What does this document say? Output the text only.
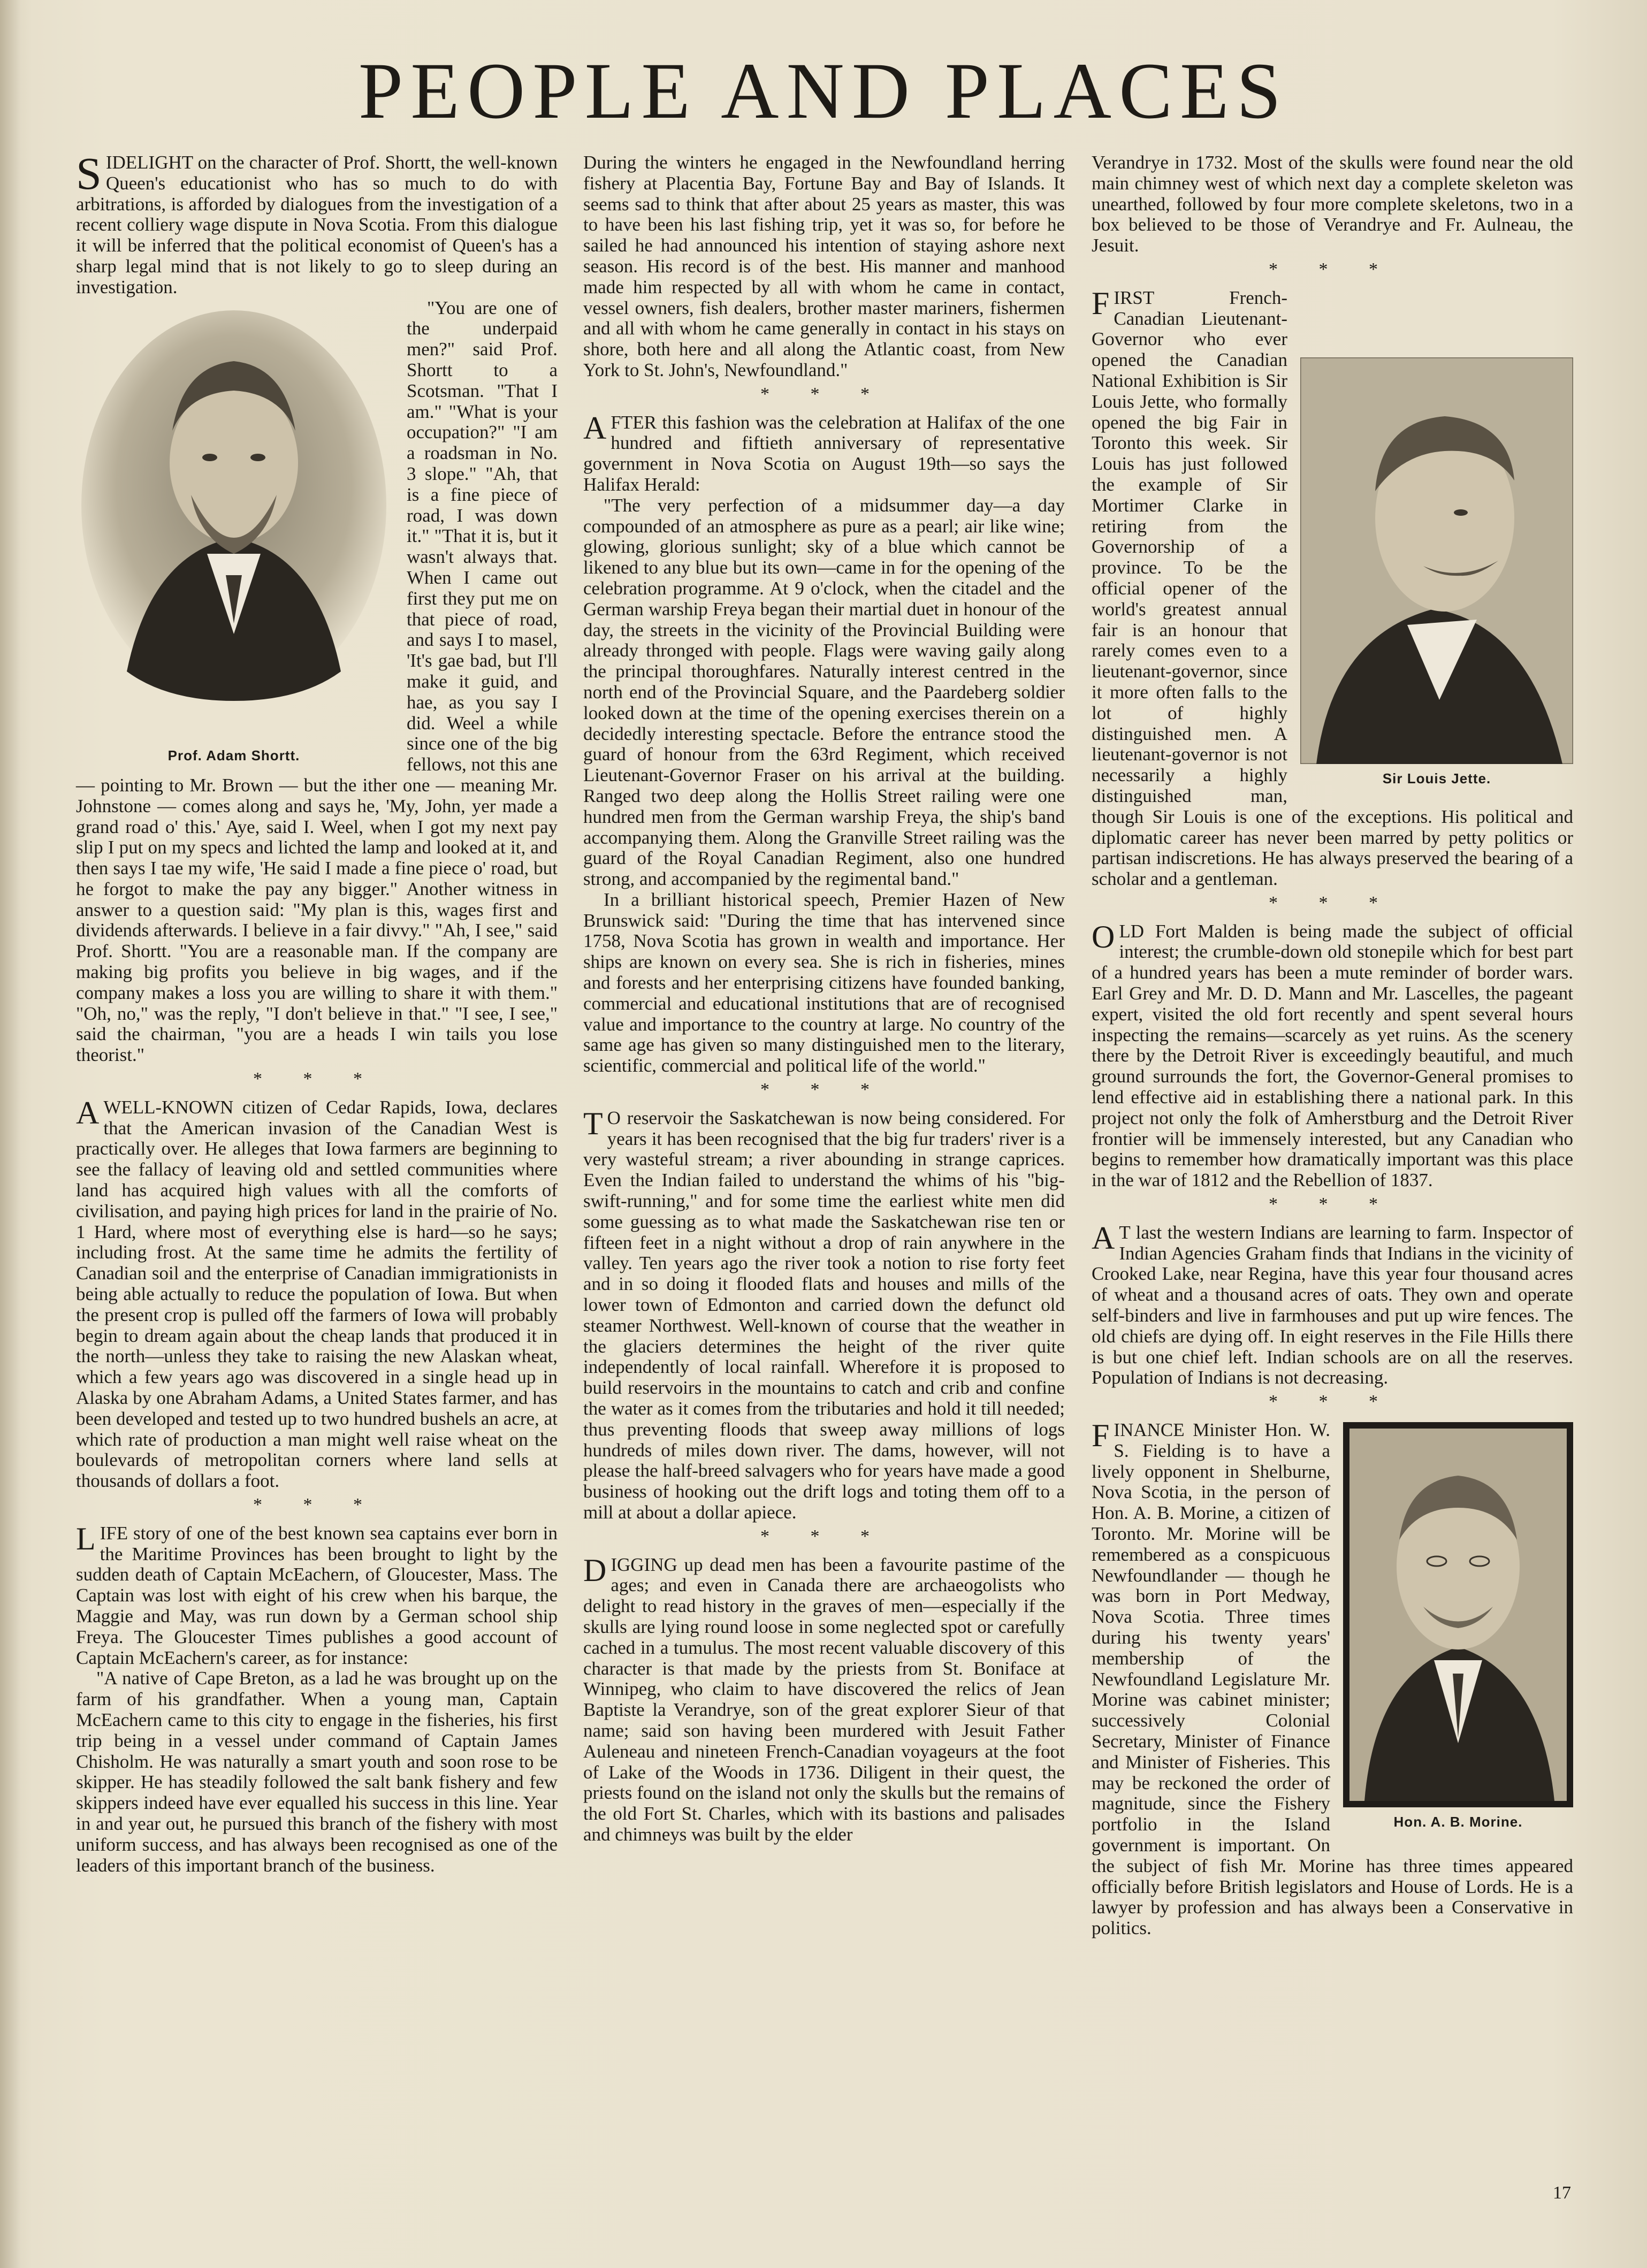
PEOPLE AND PLACES

SIDELIGHT on the character of Prof. Shortt, the well-known Queen's educationist who has so much to do with arbitrations, is afforded by dialogues from the investigation of a recent colliery wage dispute in Nova Scotia. From this dialogue it will be inferred that the political economist of Queen's has a sharp legal mind that is not likely to go to sleep during an investigation.

Prof. Adam Shortt.

"You are one of the underpaid men?" said Prof. Shortt to a Scotsman. "That I am." "What is your occupation?" "I am a roadsman in No. 3 slope." "Ah, that is a fine piece of road, I was down it." "That it is, but it wasn't always that. When I came out first they put me on that piece of road, and says I to masel, 'It's gae bad, but I'll make it guid, and hae, as you say I did. Weel a while since one of the big fellows, not this ane — pointing to Mr. Brown — but the ither one — meaning Mr. Johnstone — comes along and says he, 'My, John, yer made a grand road o' this.' Aye, said I. Weel, when I got my next pay slip I put on my specs and lichted the lamp and looked at it, and then says I tae my wife, 'He said I made a fine piece o' road, but he forgot to make the pay any bigger." Another witness in answer to a question said: "My plan is this, wages first and dividends afterwards. I believe in a fair divvy." "Ah, I see," said Prof. Shortt. "You are a reasonable man. If the company are making big profits you believe in big wages, and if the company makes a loss you are willing to share it with them." "Oh, no," was the reply, "I don't believe in that." "I see, I see," said the chairman, "you are a heads I win tails you lose theorist."

* * *

A WELL-KNOWN citizen of Cedar Rapids, Iowa, declares that the American invasion of the Canadian West is practically over. He alleges that Iowa farmers are beginning to see the fallacy of leaving old and settled communities where land has acquired high values with all the comforts of civilisation, and paying high prices for land in the prairie of No. 1 Hard, where most of everything else is hard—so he says; including frost. At the same time he admits the fertility of Canadian soil and the enterprise of Canadian immigrationists in being able actually to reduce the population of Iowa. But when the present crop is pulled off the farmers of Iowa will probably begin to dream again about the cheap lands that produced it in the north—unless they take to raising the new Alaskan wheat, which a few years ago was discovered in a single head up in Alaska by one Abraham Adams, a United States farmer, and has been developed and tested up to two hundred bushels an acre, at which rate of production a man might well raise wheat on the boulevards of metropolitan corners where land sells at thousands of dollars a foot.

* * *

LIFE story of one of the best known sea captains ever born in the Maritime Provinces has been brought to light by the sudden death of Captain McEachern, of Gloucester, Mass. The Captain was lost with eight of his crew when his barque, the Maggie and May, was run down by a German school ship Freya. The Gloucester Times publishes a good account of Captain McEachern's career, as for instance:

"A native of Cape Breton, as a lad he was brought up on the farm of his grandfather. When a young man, Captain McEachern came to this city to engage in the fisheries, his first trip being in a vessel under command of Captain James Chisholm. He was naturally a smart youth and soon rose to be skipper. He has steadily followed the salt bank fishery and few skippers indeed have ever equalled his success in this line. Year in and year out, he pursued this branch of the fishery with most uniform success, and has always been recognised as one of the leaders of this important branch of the business.

During the winters he engaged in the Newfoundland herring fishery at Placentia Bay, Fortune Bay and Bay of Islands. It seems sad to think that after about 25 years as master, this was to have been his last fishing trip, yet it was so, for before he sailed he had announced his intention of staying ashore next season. His record is of the best. His manner and manhood made him respected by all with whom he came in contact, vessel owners, fish dealers, brother master mariners, fishermen and all with whom he came generally in contact in his stays on shore, both here and all along the Atlantic coast, from New York to St. John's, Newfoundland."

* * *

AFTER this fashion was the celebration at Halifax of the one hundred and fiftieth anniversary of representative government in Nova Scotia on August 19th—so says the Halifax Herald:

"The very perfection of a midsummer day—a day compounded of an atmosphere as pure as a pearl; air like wine; glowing, glorious sunlight; sky of a blue which cannot be likened to any blue but its own—came in for the opening of the celebration programme. At 9 o'clock, when the citadel and the German warship Freya began their martial duet in honour of the day, the streets in the vicinity of the Provincial Building were already thronged with people. Flags were waving gaily along the principal thoroughfares. Naturally interest centred in the north end of the Provincial Square, and the Paardeberg soldier looked down at the time of the opening exercises therein on a decidedly interesting spectacle. Before the entrance stood the guard of honour from the 63rd Regiment, which received Lieutenant-Governor Fraser on his arrival at the building. Ranged two deep along the Hollis Street railing were one hundred men from the German warship Freya, the ship's band accompanying them. Along the Granville Street railing was the guard of the Royal Canadian Regiment, also one hundred strong, and accompanied by the regimental band."

In a brilliant historical speech, Premier Hazen of New Brunswick said: "During the time that has intervened since 1758, Nova Scotia has grown in wealth and importance. Her ships are known on every sea. She is rich in fisheries, mines and forests and her enterprising citizens have founded banking, commercial and educational institutions that are of recognised value and importance to the country at large. No country of the same age has given so many distinguished men to the literary, scientific, commercial and political life of the world."

* * *

T O reservoir the Saskatchewan is now being considered. For years it has been recognised that the big fur traders' river is a very wasteful stream; a river abounding in strange caprices. Even the Indian failed to understand the whims of his "big-swift-running," and for some time the earliest white men did some guessing as to what made the Saskatchewan rise ten or fifteen feet in a night without a drop of rain anywhere in the valley. Ten years ago the river took a notion to rise forty feet and in so doing it flooded flats and houses and mills of the lower town of Edmonton and carried down the defunct old steamer Northwest. Well-known of course that the weather in the glaciers determines the height of the river quite independently of local rainfall. Wherefore it is proposed to build reservoirs in the mountains to catch and crib and confine the water as it comes from the tributaries and hold it till needed; thus preventing floods that sweep away millions of logs hundreds of miles down river. The dams, however, will not please the half-breed salvagers who for years have made a good business of hooking out the drift logs and toting them off to a mill at about a dollar apiece.

* * *

DIGGING up dead men has been a favourite pastime of the ages; and even in Canada there are archaeogolists who delight to read history in the graves of men—especially if the skulls are lying round loose in some neglected spot or carefully cached in a tumulus. The most recent valuable discovery of this character is that made by the priests from St. Boniface at Winnipeg, who claim to have discovered the relics of Jean Baptiste la Verandrye, son of the great explorer Sieur of that name; said son having been murdered with Jesuit Father Auleneau and nineteen French-Canadian voyageurs at the foot of Lake of the Woods in 1736. Diligent in their quest, the priests found on the island not only the skulls but the remains of the old Fort St. Charles, which with its bastions and palisades and chimneys was built by the elder

Verandrye in 1732. Most of the skulls were found near the old main chimney west of which next day a complete skeleton was unearthed, followed by four more complete skeletons, two in a box believed to be those of Verandrye and Fr. Aulneau, the Jesuit.

* * *
Sir Louis Jette.

FIRST French-Canadian Lieutenant-Governor who ever opened the Canadian National Exhibition is Sir Louis Jette, who formally opened the big Fair in Toronto this week. Sir Louis has just followed the example of Sir Mortimer Clarke in retiring from the Governorship of a province. To be the official opener of the world's greatest annual fair is an honour that rarely comes even to a lieutenant-governor, since it more often falls to the lot of highly distinguished men. A lieutenant-governor is not necessarily a highly distinguished man, though Sir Louis is one of the exceptions. His political and diplomatic career has never been marred by petty politics or partisan indiscretions. He has always preserved the bearing of a scholar and a gentleman.

* * *

OLD Fort Malden is being made the subject of official interest; the crumble-down old stonepile which for best part of a hundred years has been a mute reminder of border wars. Earl Grey and Mr. D. D. Mann and Mr. Lascelles, the pageant expert, visited the old fort recently and spent several hours inspecting the remains—scarcely as yet ruins. As the scenery there by the Detroit River is exceedingly beautiful, and much ground surrounds the fort, the Governor-General promises to lend effective aid in establishing there a national park. In this project not only the folk of Amherstburg and the Detroit River frontier will be immensely interested, but any Canadian who begins to remember how dramatically important was this place in the war of 1812 and the Rebellion of 1837.

* * *

A T last the western Indians are learning to farm. Inspector of Indian Agencies Graham finds that Indians in the vicinity of Crooked Lake, near Regina, have this year four thousand acres of wheat and a thousand acres of oats. They own and operate self-binders and live in farmhouses and put up wire fences. The old chiefs are dying off. In eight reserves in the File Hills there is but one chief left. Indian schools are on all the reserves. Population of Indians is not decreasing.

* * *
Hon. A. B. Morine.

FINANCE Minister Hon. W. S. Fielding is to have a lively opponent in Shelburne, Nova Scotia, in the person of Hon. A. B. Morine, a citizen of Toronto. Mr. Morine will be remembered as a conspicuous Newfoundlander — though he was born in Port Medway, Nova Scotia. Three times during his twenty years' membership of the Newfoundland Legislature Mr. Morine was cabinet minister; successively Colonial Secretary, Minister of Finance and Minister of Fisheries. This may be reckoned the order of magnitude, since the Fishery portfolio in the Island government is important. On the subject of fish Mr. Morine has three times appeared officially before British legislators and House of Lords. He is a lawyer by profession and has always been a Conservative in politics.

17
